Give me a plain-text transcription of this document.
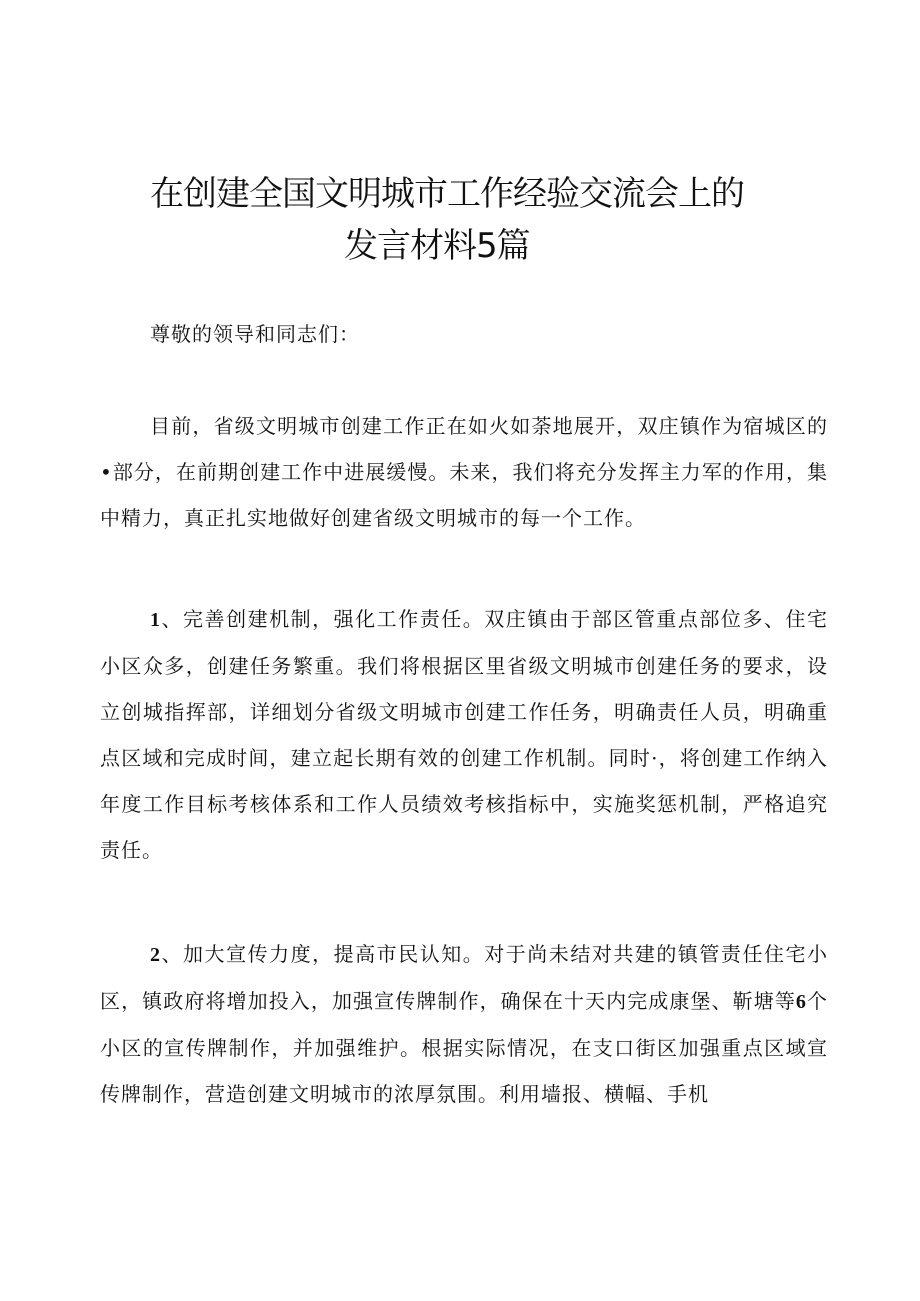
在创建全国文明城市工作经验交流会上的
发言材料5篇

尊敬的领导和同志们：

目前，省级文明城市创建工作正在如火如荼地展开，双庄镇作为宿城区的•部分，在前期创建工作中进展缓慢。未来，我们将充分发挥主力军的作用，集中精力，真正扎实地做好创建省级文明城市的每一个工作。

1、完善创建机制，强化工作责任。双庄镇由于部区管重点部位多、住宅小区众多，创建任务繁重。我们将根据区里省级文明城市创建任务的要求，设立创城指挥部，详细划分省级文明城市创建工作任务，明确责任人员，明确重点区域和完成时间，建立起长期有效的创建工作机制。同时·，将创建工作纳入年度工作目标考核体系和工作人员绩效考核指标中，实施奖惩机制，严格追究责任。

2、加大宣传力度，提高市民认知。对于尚未结对共建的镇管责任住宅小区，镇政府将增加投入，加强宣传牌制作，确保在十天内完成康堡、靳塘等6个小区的宣传牌制作，并加强维护。根据实际情况，在支口街区加强重点区域宣传牌制作，营造创建文明城市的浓厚氛围。利用墙报、横幅、手机
